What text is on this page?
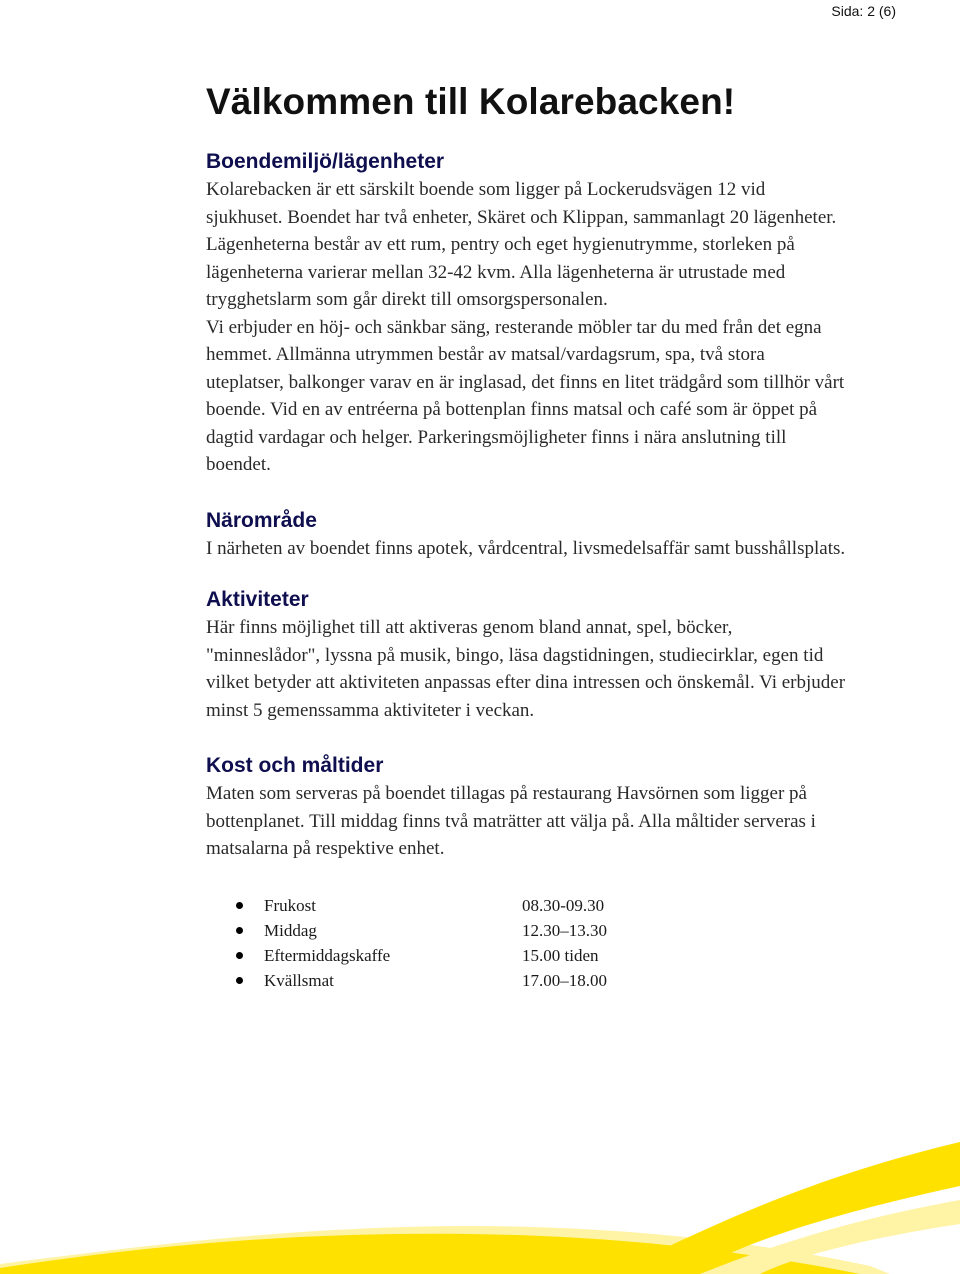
Sida: 2 (6)
Välkommen till Kolarebacken!
Boendemiljö/lägenheter

Kolarebacken är ett särskilt boende som ligger på Lockerudsvägen 12 vid sjukhuset. Boendet har två enheter, Skäret och Klippan, sammanlagt 20 lägenheter. Lägenheterna består av ett rum, pentry och eget hygienutrymme, storleken på lägenheterna varierar mellan 32-42 kvm. Alla lägenheterna är utrustade med trygghetslarm som går direkt till omsorgspersonalen.

Vi erbjuder en höj- och sänkbar säng, resterande möbler tar du med från det egna hemmet. Allmänna utrymmen består av matsal/vardagsrum, spa, två stora uteplatser, balkonger varav en är inglasad, det finns en litet trädgård som tillhör vårt boende. Vid en av entréerna på bottenplan finns matsal och café som är öppet på dagtid vardagar och helger. Parkeringsmöjligheter finns i nära anslutning till boendet.

Närområde

I närheten av boendet finns apotek, vårdcentral, livsmedelsaffär samt busshållsplats.

Aktiviteter

Här finns möjlighet till att aktiveras genom bland annat, spel, böcker, "minneslådor", lyssna på musik, bingo, läsa dagstidningen, studiecirklar, egen tid vilket betyder att aktiviteten anpassas efter dina intressen och önskemål. Vi erbjuder minst 5 gemenssamma aktiviteter i veckan.

Kost och måltider

Maten som serveras på boendet tillagas på restaurang Havsörnen som ligger på bottenplanet. Till middag finns två maträtter att välja på. Alla måltider serveras i matsalarna på respektive enhet.

Frukost	08.30-09.30
Middag	12.30–13.30
Eftermiddagskaffe	15.00 tiden
Kvällsmat	17.00–18.00
